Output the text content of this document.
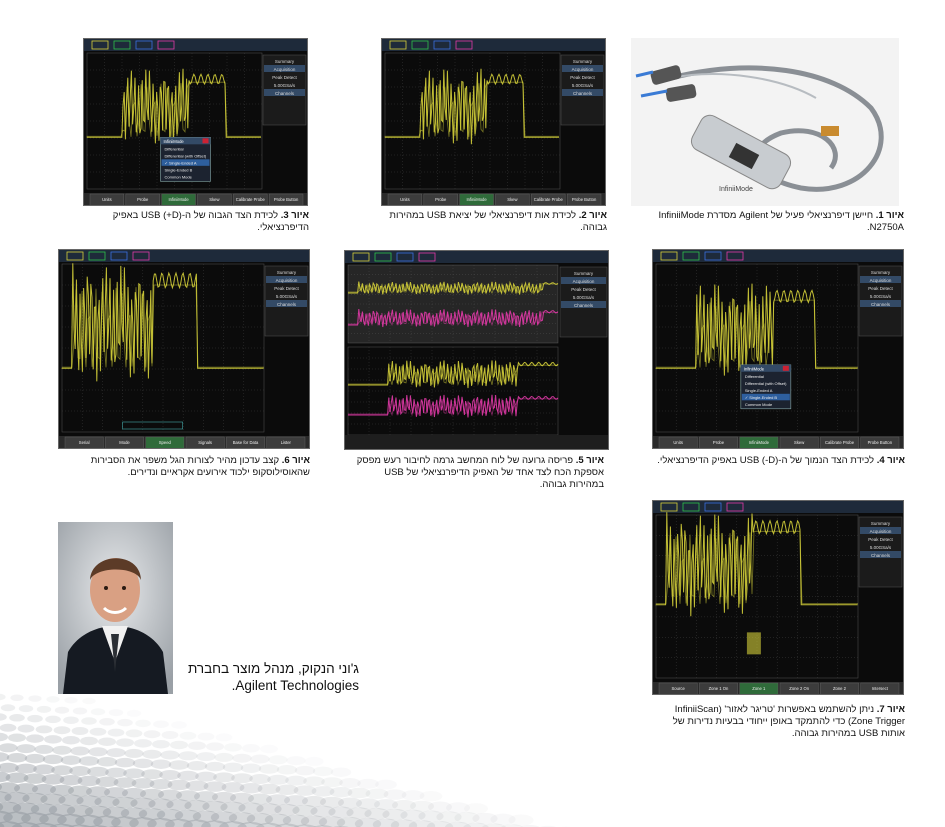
InfiniiMode
Units	Probe	InfiniiMode	Skew	Calibrate Probe Probe Button
Summary
Acquisition
Peak Detect
5.00GSa/s
Channels
Units	Probe	InfiniiMode	Skew	Calibrate Probe Probe Button
InfiniiMode
Differential
Differential (with Offset)
✓ Single-Ended A
Single-Ended B
Common Mode
Summary
Acquisition
Peak Detect
5.00GSa/s
Channels
Units	Probe	InfiniiMode	Skew	Calibrate Probe	Probe Button
InfiniiMode
Differential
Differential (with Offset)
Single-Ended A
✓ Single-Ended B
Common Mode
Summary
Acquisition
Peak Detect
5.00GSa/s
Channels
Summary
Acquisition
Peak Detect
5.00GSa/s
Channels
Serial	Mode	Speed	Signals	Base for Data	Lister
Summary
Acquisition
Peak Detect
5.00GSa/s
Channels
Source	Zone 1 On	Zone 1	Zone 2 On	Zone 2	Intersect
Summary
Acquisition
Peak Detect
5.00GSa/s
Channels
איור 1. חיישן דיפרנציאלי פעיל של Agilent מסדרת InfiniiMode N2750A.
איור 2. לכידת אות דיפרנציאלי של יציאת USB במהירות גבוהה.
איור 3. לכידת הצד הגבוה של ה-USB (+D) באפיק הדיפרנציאלי.
איור 4. לכידת הצד הנמוך של ה-USB (-D) באפיק הדיפרנציאלי.
איור 5. פריסה גרועה של לוח המחשב גרמה לחיבור רעש מפסק אספקת הכח לצד אחד של האפיק הדיפרנציאלי של USB במהירות גבוהה.
איור 6. קצב עדכון מהיר לצורות הגל משפר את הסבירות שהאוסילוסקופ ילכוד אירועים אקראיים ונדירים.
איור 7. ניתן להשתמש באפשרות 'טריגר לאזור' (InfiniiScan Zone Trigger) כדי להתמקד באופן ייחודי בבעיות נדירות של אותות USB במהירות גבוהה.
ג'וני הנקוק, מנהל מוצר בחברת Agilent Technologies.
